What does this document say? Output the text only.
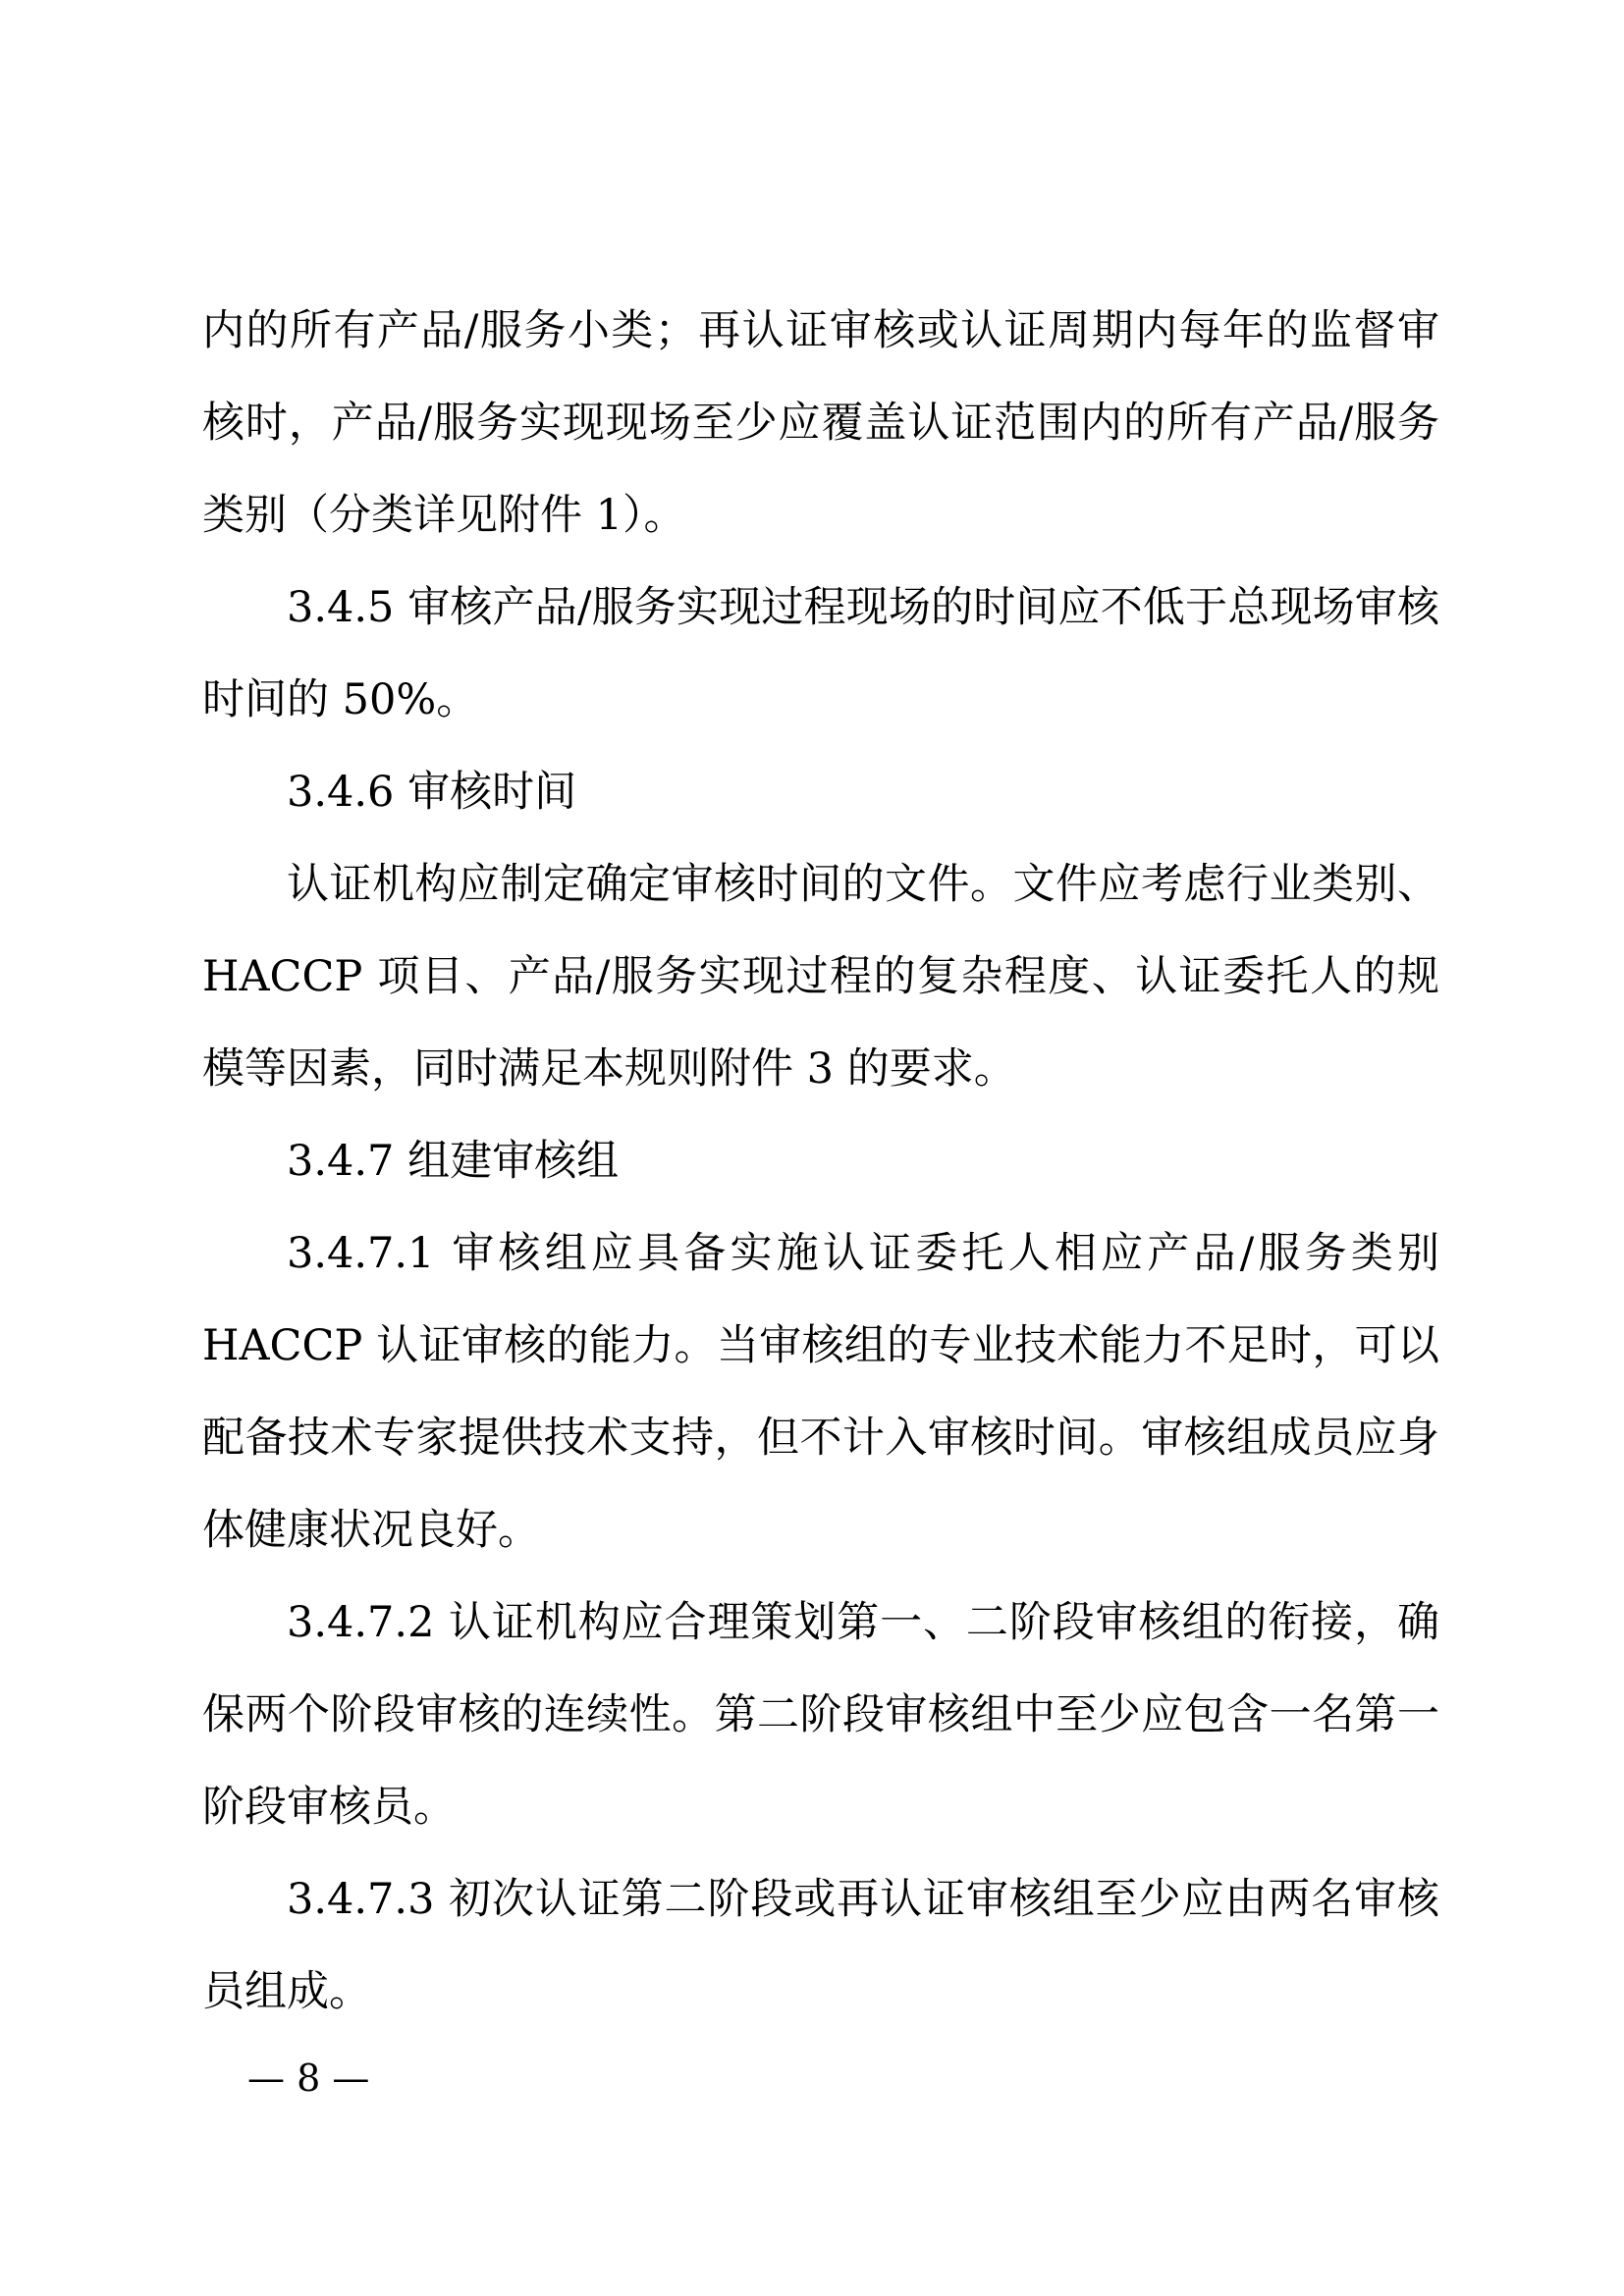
内的所有产品/服务小类；再认证审核或认证周期内每年的监督审核时，产品/服务实现现场至少应覆盖认证范围内的所有产品/服务类别（分类详见附件 1）。

3.4.5 审核产品/服务实现过程现场的时间应不低于总现场审核时间的 50%。

3.4.6 审核时间

认证机构应制定确定审核时间的文件。文件应考虑行业类别、HACCP 项目、产品/服务实现过程的复杂程度、认证委托人的规模等因素，同时满足本规则附件 3 的要求。

3.4.7 组建审核组

3.4.7.1 审核组应具备实施认证委托人相应产品/服务类别 HACCP 认证审核的能力。当审核组的专业技术能力不足时，可以配备技术专家提供技术支持，但不计入审核时间。审核组成员应身体健康状况良好。

3.4.7.2 认证机构应合理策划第一、二阶段审核组的衔接，确保两个阶段审核的连续性。第二阶段审核组中至少应包含一名第一阶段审核员。

3.4.7.3 初次认证第二阶段或再认证审核组至少应由两名审核员组成。

— 8 —
